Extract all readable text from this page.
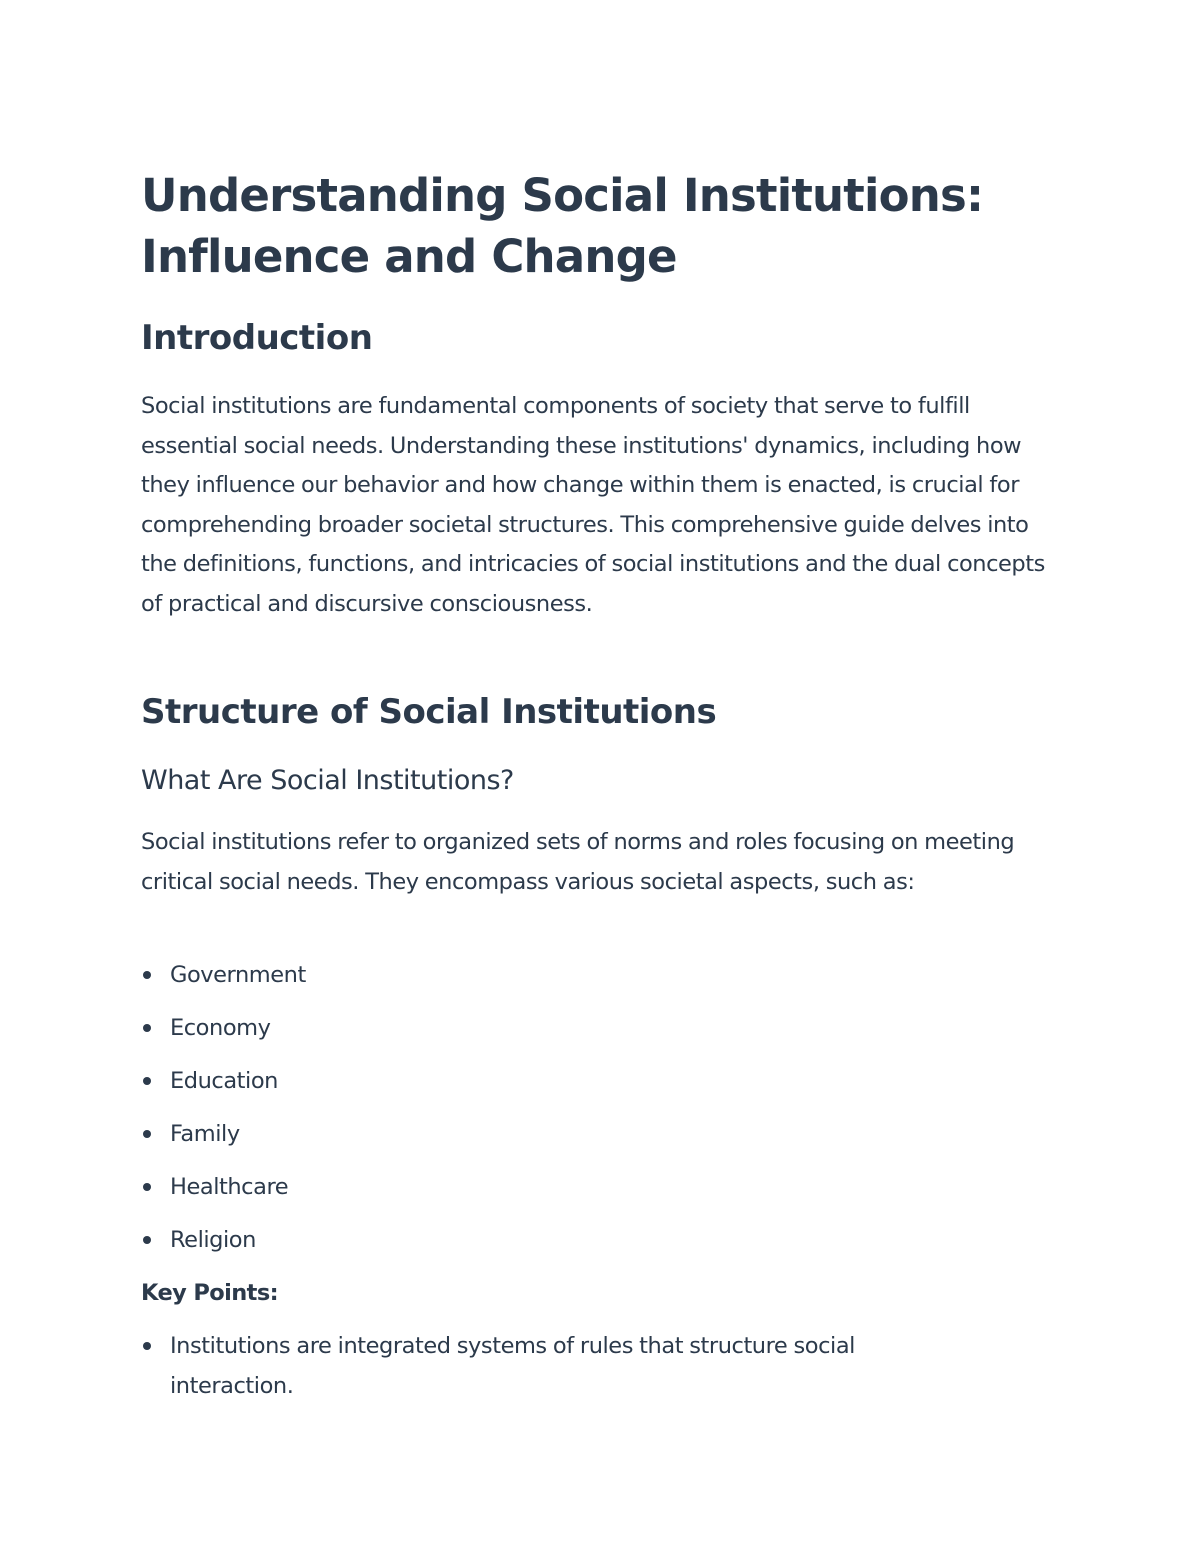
Understanding Social Institutions: Influence and Change
Introduction

Social institutions are fundamental components of society that serve to fulfill essential social needs. Understanding these institutions' dynamics, including how they influence our behavior and how change within them is enacted, is crucial for comprehending broader societal structures. This comprehensive guide delves into the definitions, functions, and intricacies of social institutions and the dual concepts of practical and discursive consciousness.

Structure of Social Institutions
What Are Social Institutions?

Social institutions refer to organized sets of norms and roles focusing on meeting critical social needs. They encompass various societal aspects, such as:

Government
Economy
Education
Family
Healthcare
Religion

Key Points:

Institutions are integrated systems of rules that structure social interaction.
